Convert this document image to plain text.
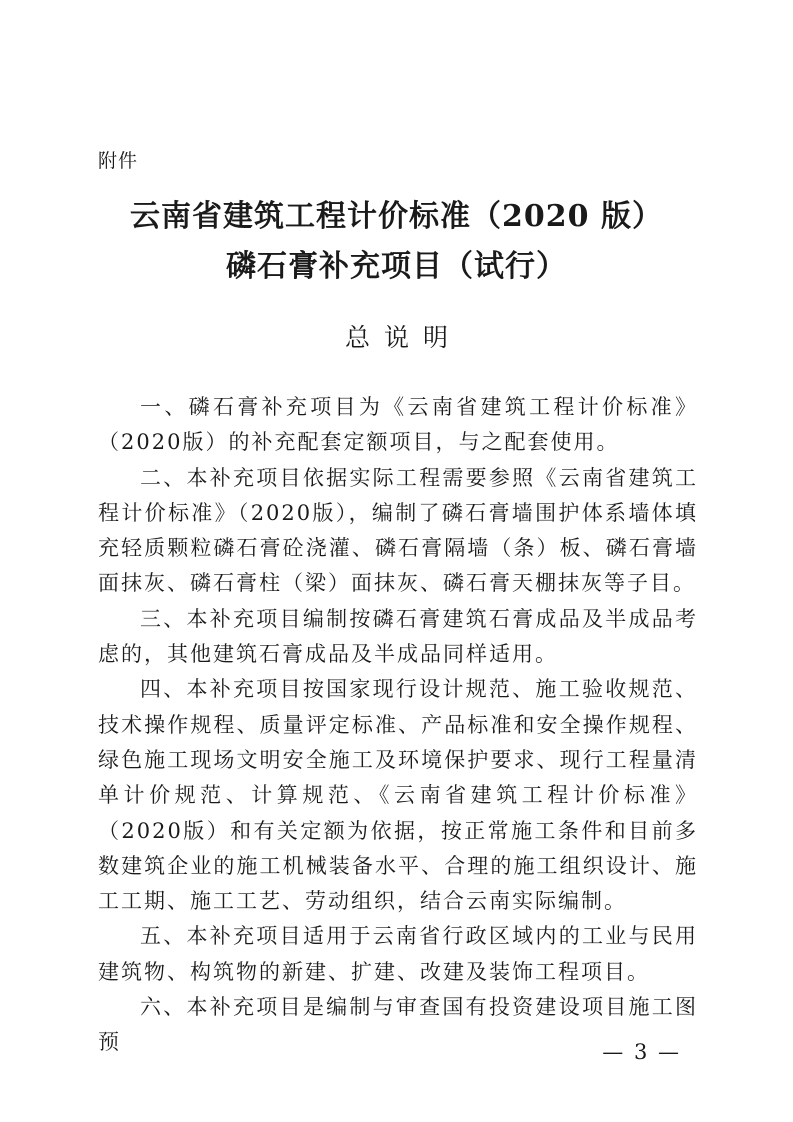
附件
云南省建筑工程计价标准（2020 版）
磷石膏补充项目（试行）
总说明

一、磷石膏补充项目为《云南省建筑工程计价标准》（2020版）的补充配套定额项目，与之配套使用。

二、本补充项目依据实际工程需要参照《云南省建筑工程计价标准》（2020版），编制了磷石膏墙围护体系墙体填充轻质颗粒磷石膏砼浇灌、磷石膏隔墙（条）板、磷石膏墙面抹灰、磷石膏柱（梁）面抹灰、磷石膏天棚抹灰等子目。

三、本补充项目编制按磷石膏建筑石膏成品及半成品考虑的，其他建筑石膏成品及半成品同样适用。

四、本补充项目按国家现行设计规范、施工验收规范、技术操作规程、质量评定标准、产品标准和安全操作规程、绿色施工现场文明安全施工及环境保护要求、现行工程量清单计价规范、计算规范、《云南省建筑工程计价标准》（2020版）和有关定额为依据，按正常施工条件和目前多数建筑企业的施工机械装备水平、合理的施工组织设计、施工工期、施工工艺、劳动组织，结合云南实际编制。

五、本补充项目适用于云南省行政区域内的工业与民用建筑物、构筑物的新建、扩建、改建及装饰工程项目。

六、本补充项目是编制与审查国有投资建设项目施工图预	— 3 —
